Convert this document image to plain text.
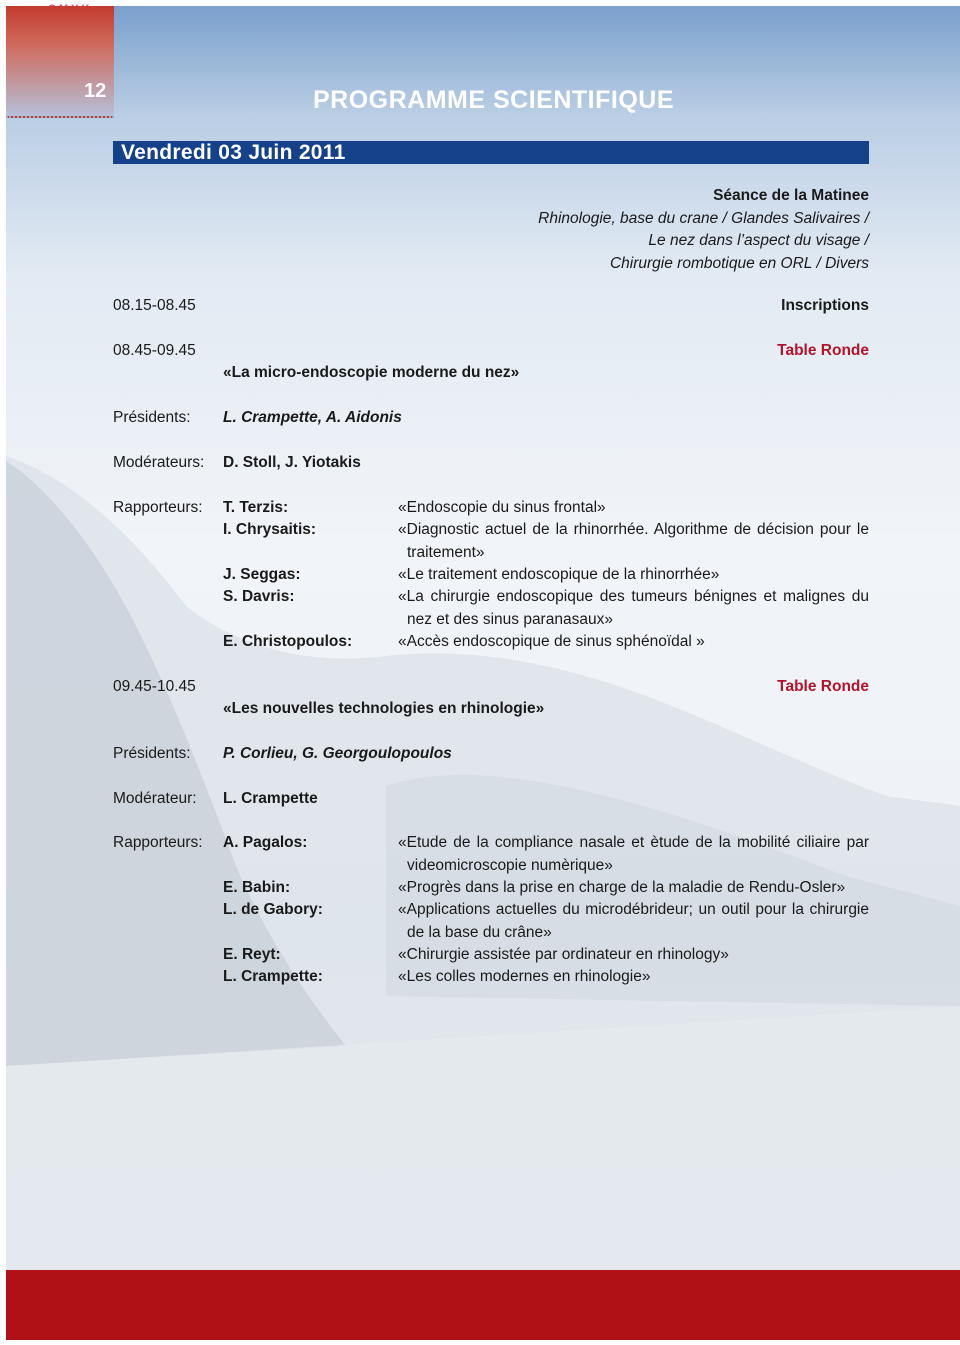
12	PROGRAMME SCIENTIFIQUE
Vendredi 03 Juin 2011
Séance de la Matinee
Rhinologie, base du crane / Glandes Salivaires /
Le nez dans l’aspect du visage /
Chirurgie rombotique en ORL / Divers
08.15-08.45	Inscriptions
08.45-09.45	Table Ronde
«La micro-endoscopie moderne du nez»
Présidents: L. Crampette, A. Aidonis
Modérateurs: D. Stoll, J. Yiotakis
Rapporteurs: T. Terzis:	«Endoscopie du sinus frontal»
I. Chrysaitis:	«Diagnostic actuel de la rhinorrhée. Algorithme de décision pour le traitement»
J. Seggas:	«Le traitement endoscopique de la rhinorrhée»
S. Davris:	«La chirurgie endoscopique des tumeurs bénignes et malignes du nez et des sinus paranasaux»
E. Christopoulos:	«Accès endoscopique de sinus sphénoïdal »
09.45-10.45	Table Ronde
«Les nouvelles technologies en rhinologie»
Présidents: P. Corlieu, G. Georgoulopoulos
Modérateur: L. Crampette
Rapporteurs: A. Pagalos:	«Etude de la compliance nasale et ètude de la mobilité ciliaire par videomicroscopie numèrique»
E. Babin:	«Progrès dans la prise en charge de la maladie de Rendu-Osler»
L. de Gabory:	«Applications actuelles du microdébrideur; un outil pour la chirurgie de la base du crâne»
E. Reyt:	«Chirurgie assistée par ordinateur en rhinology»
L. Crampette:	«Les colles modernes en rhinologie»
